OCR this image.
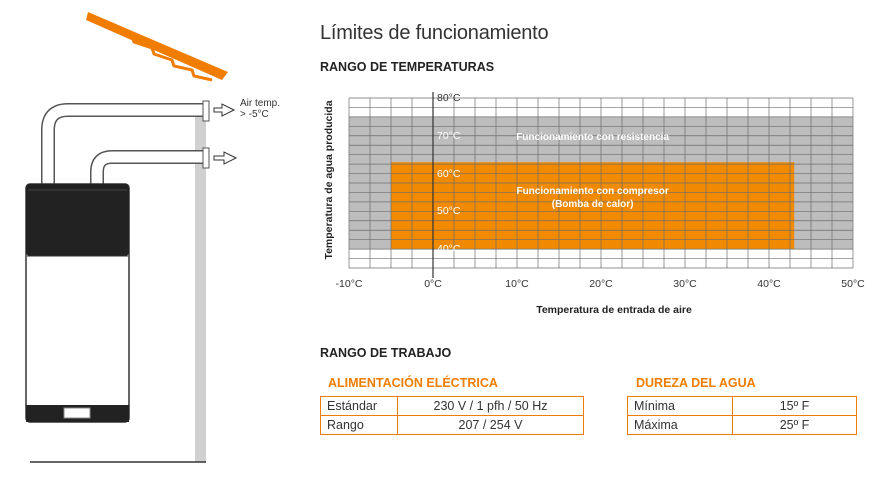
Air temp.
> -5°C
Límites de funcionamiento
RANGO DE TEMPERATURAS
Temperatura de agua producida
Temperatura de entrada de aire
-10°C	0°C	10°C	20°C	30°C	40°C	50°C
80°C
70°C
60°C
50°C
40°C
Funcionamiento con resistencia
Funcionamiento con compresor
(Bomba de calor)
RANGO DE TRABAJO
ALIMENTACIÓN ELÉCTRICA	DUREZA DEL AGUA
Estándar	230 V / 1 pfh / 50 Hz
Rango	207 / 254 V
Mínima	15º F
Máxima	25º F
